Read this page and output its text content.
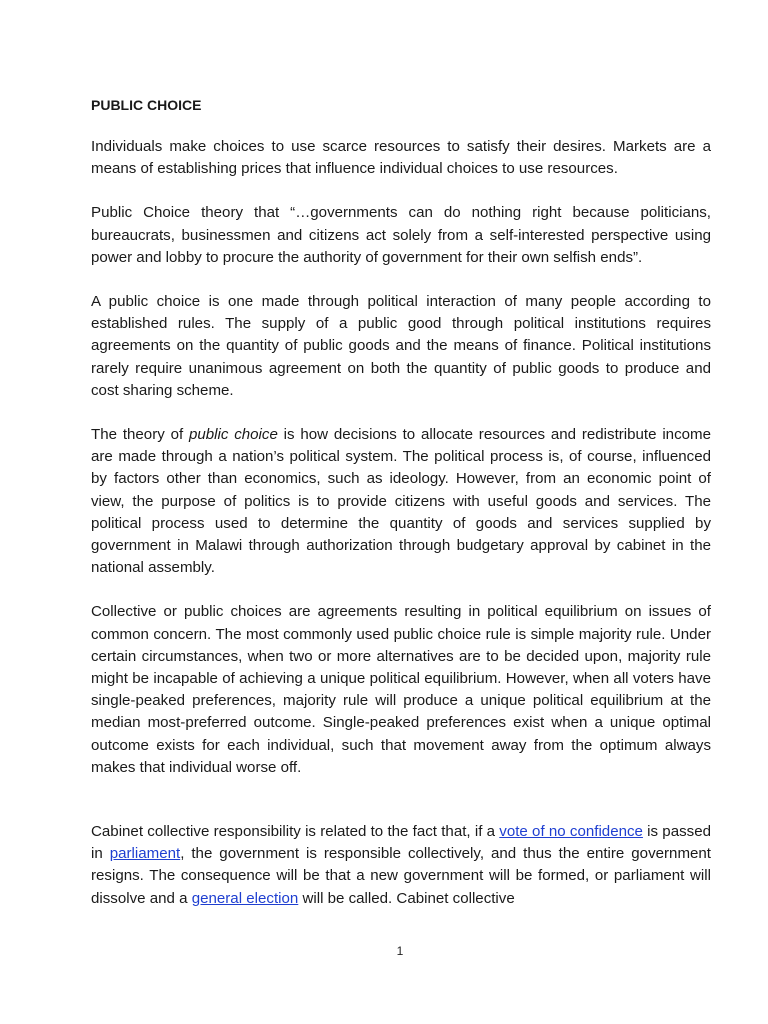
PUBLIC CHOICE

Individuals make choices to use scarce resources to satisfy their desires. Markets are a means of establishing prices that influence individual choices to use resources.

Public Choice theory that “…governments can do nothing right because politicians, bureaucrats, businessmen and citizens act solely from a self-interested perspective using power and lobby to procure the authority of government for their own selfish ends”.

A public choice is one made through political interaction of many people according to established rules. The supply of a public good through political institutions requires agreements on the quantity of public goods and the means of finance. Political institutions rarely require unanimous agreement on both the quantity of public goods to produce and cost sharing scheme.

The theory of public choice is how decisions to allocate resources and redistribute income are made through a nation’s political system. The political process is, of course, influenced by factors other than economics, such as ideology. However, from an economic point of view, the purpose of politics is to provide citizens with useful goods and services. The political process used to determine the quantity of goods and services supplied by government in Malawi through authorization through budgetary approval by cabinet in the national assembly.

Collective or public choices are agreements resulting in political equilibrium on issues of common concern. The most commonly used public choice rule is simple majority rule. Under certain circumstances, when two or more alternatives are to be decided upon, majority rule might be incapable of achieving a unique political equilibrium. However, when all voters have single-peaked preferences, majority rule will produce a unique political equilibrium at the median most-preferred outcome. Single-peaked preferences exist when a unique optimal outcome exists for each individual, such that movement away from the optimum always makes that individual worse off.

Cabinet collective responsibility is related to the fact that, if a vote of no confidence is passed in parliament, the government is responsible collectively, and thus the entire government resigns. The consequence will be that a new government will be formed, or parliament will dissolve and a general election will be called. Cabinet collective

1
